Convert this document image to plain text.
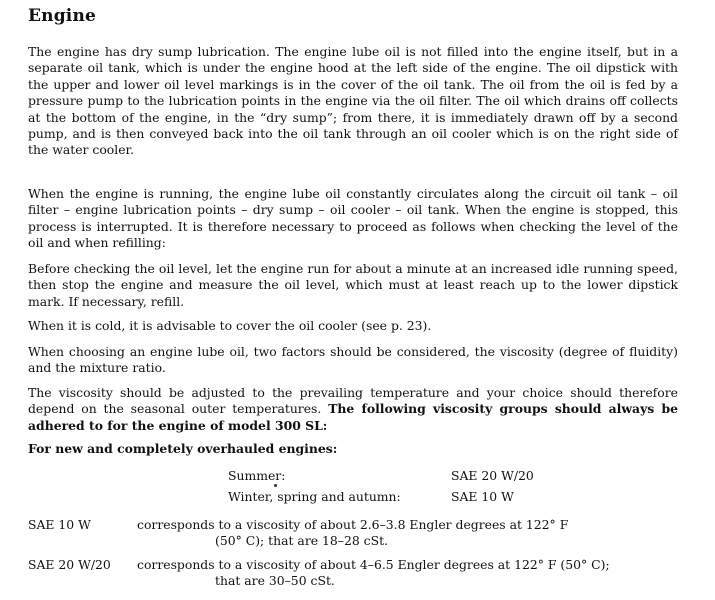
Engine

The engine has dry sump lubrication. The engine lube oil is not filled into the engine itself, but in a separate oil tank, which is under the engine hood at the left side of the engine. The oil dipstick with the upper and lower oil level markings is in the cover of the oil tank. The oil from the oil is fed by a pressure pump to the lubrication points in the engine via the oil filter. The oil which drains off collects at the bottom of the engine, in the “dry sump”; from there, it is immediately drawn off by a second pump, and is then conveyed back into the oil tank through an oil cooler which is on the right side of the water cooler.

When the engine is running, the engine lube oil constantly circulates along the circuit oil tank – oil filter – engine lubrication points – dry sump – oil cooler – oil tank. When the engine is stopped, this process is interrupted. It is therefore necessary to proceed as follows when checking the level of the oil and when refilling:

Before checking the oil level, let the engine run for about a minute at an increased idle running speed, then stop the engine and measure the oil level, which must at least reach up to the lower dipstick mark. If necessary, refill.

When it is cold, it is advisable to cover the oil cooler (see p. 23).

When choosing an engine lube oil, two factors should be considered, the viscosity (degree of fluidity) and the mixture ratio.

The viscosity should be adjusted to the prevailing temperature and your choice should therefore depend on the seasonal outer temperatures. The following viscosity groups should always be adhered to for the engine of model 300 SL:

For new and completely overhauled engines:

Summer:	SAE 20 W/20
Winter, spring and autumn:	SAE 10 W
SAE 10 W	corresponds to a viscosity of about 2.6–3.8 Engler degrees at 122° F
(50° C); that are 18–28 cSt.
SAE 20 W/20 corresponds to a viscosity of about 4–6.5 Engler degrees at 122° F (50° C);
that are 30–50 cSt.
